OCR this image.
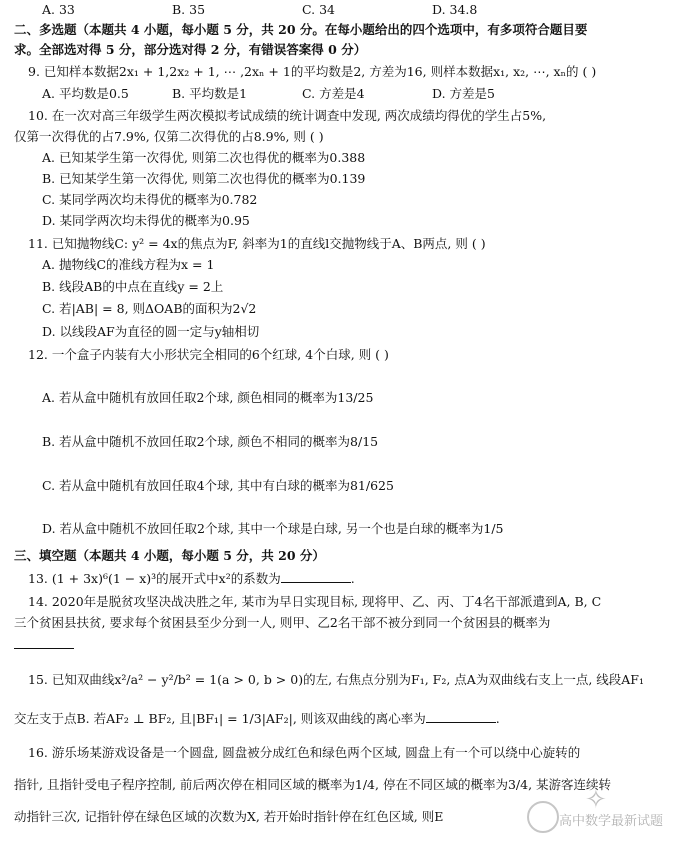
A. 33	B. 35	C. 34	D. 34.8
二、多选题（本题共 4 小题，每小题 5 分，共 20 分。在每小题给出的四个选项中，有多项符合题目要
求。全部选对得 5 分，部分选对得 2 分，有错误答案得 0 分）
9. 已知样本数据2x₁ + 1,2x₂ + 1, ⋯ ,2xₙ + 1的平均数是2, 方差为16, 则样本数据x₁, x₂, ⋯, xₙ的 ( )
A. 平均数是0.5	B. 平均数是1	C. 方差是4	D. 方差是5
10. 在一次对高三年级学生两次模拟考试成绩的统计调查中发现, 两次成绩均得优的学生占5%,
仅第一次得优的占7.9%, 仅第二次得优的占8.9%, 则 ( )
A. 已知某学生第一次得优, 则第二次也得优的概率为0.388
B. 已知某学生第一次得优, 则第二次也得优的概率为0.139
C. 某同学两次均未得优的概率为0.782
D. 某同学两次均未得优的概率为0.95
11. 已知抛物线C: y² = 4x的焦点为F, 斜率为1的直线l交抛物线于A、B两点, 则 ( )
A. 抛物线C的准线方程为x = 1
B. 线段AB的中点在直线y = 2上
C. 若|AB| = 8, 则ΔOAB的面积为2√2
D. 以线段AF为直径的圆一定与y轴相切
12. 一个盒子内装有大小形状完全相同的6个红球, 4个白球, 则 ( )
A. 若从盒中随机有放回任取2个球, 颜色相同的概率为13/25
B. 若从盒中随机不放回任取2个球, 颜色不相同的概率为8/15
C. 若从盒中随机有放回任取4个球, 其中有白球的概率为81/625
D. 若从盒中随机不放回任取2个球, 其中一个球是白球, 另一个也是白球的概率为1/5
三、填空题（本题共 4 小题，每小题 5 分，共 20 分）
13. (1 + 3x)⁶(1 − x)³的展开式中x²的系数为	.
14. 2020年是脱贫攻坚决战决胜之年, 某市为早日实现目标, 现将甲、乙、丙、丁4名干部派遣到A, B, C
三个贫困县扶贫, 要求每个贫困县至少分到一人, 则甲、乙2名干部不被分到同一个贫困县的概率为
15. 已知双曲线x²/a² − y²/b² = 1(a > 0, b > 0)的左, 右焦点分别为F₁, F₂, 点A为双曲线右支上一点, 线段AF₁
交左支于点B. 若AF₂ ⊥ BF₂, 且|BF₁| = 1/3|AF₂|, 则该双曲线的离心率为	.
16. 游乐场某游戏设备是一个圆盘, 圆盘被分成红色和绿色两个区域, 圆盘上有一个可以绕中心旋转的
指针, 且指针受电子程序控制, 前后两次停在相同区域的概率为1/4, 停在不同区域的概率为3/4, 某游客连续转
动指针三次, 记指针停在绿色区域的次数为X, 若开始时指针停在红色区域, 则E
✧
高中数学最新试题
